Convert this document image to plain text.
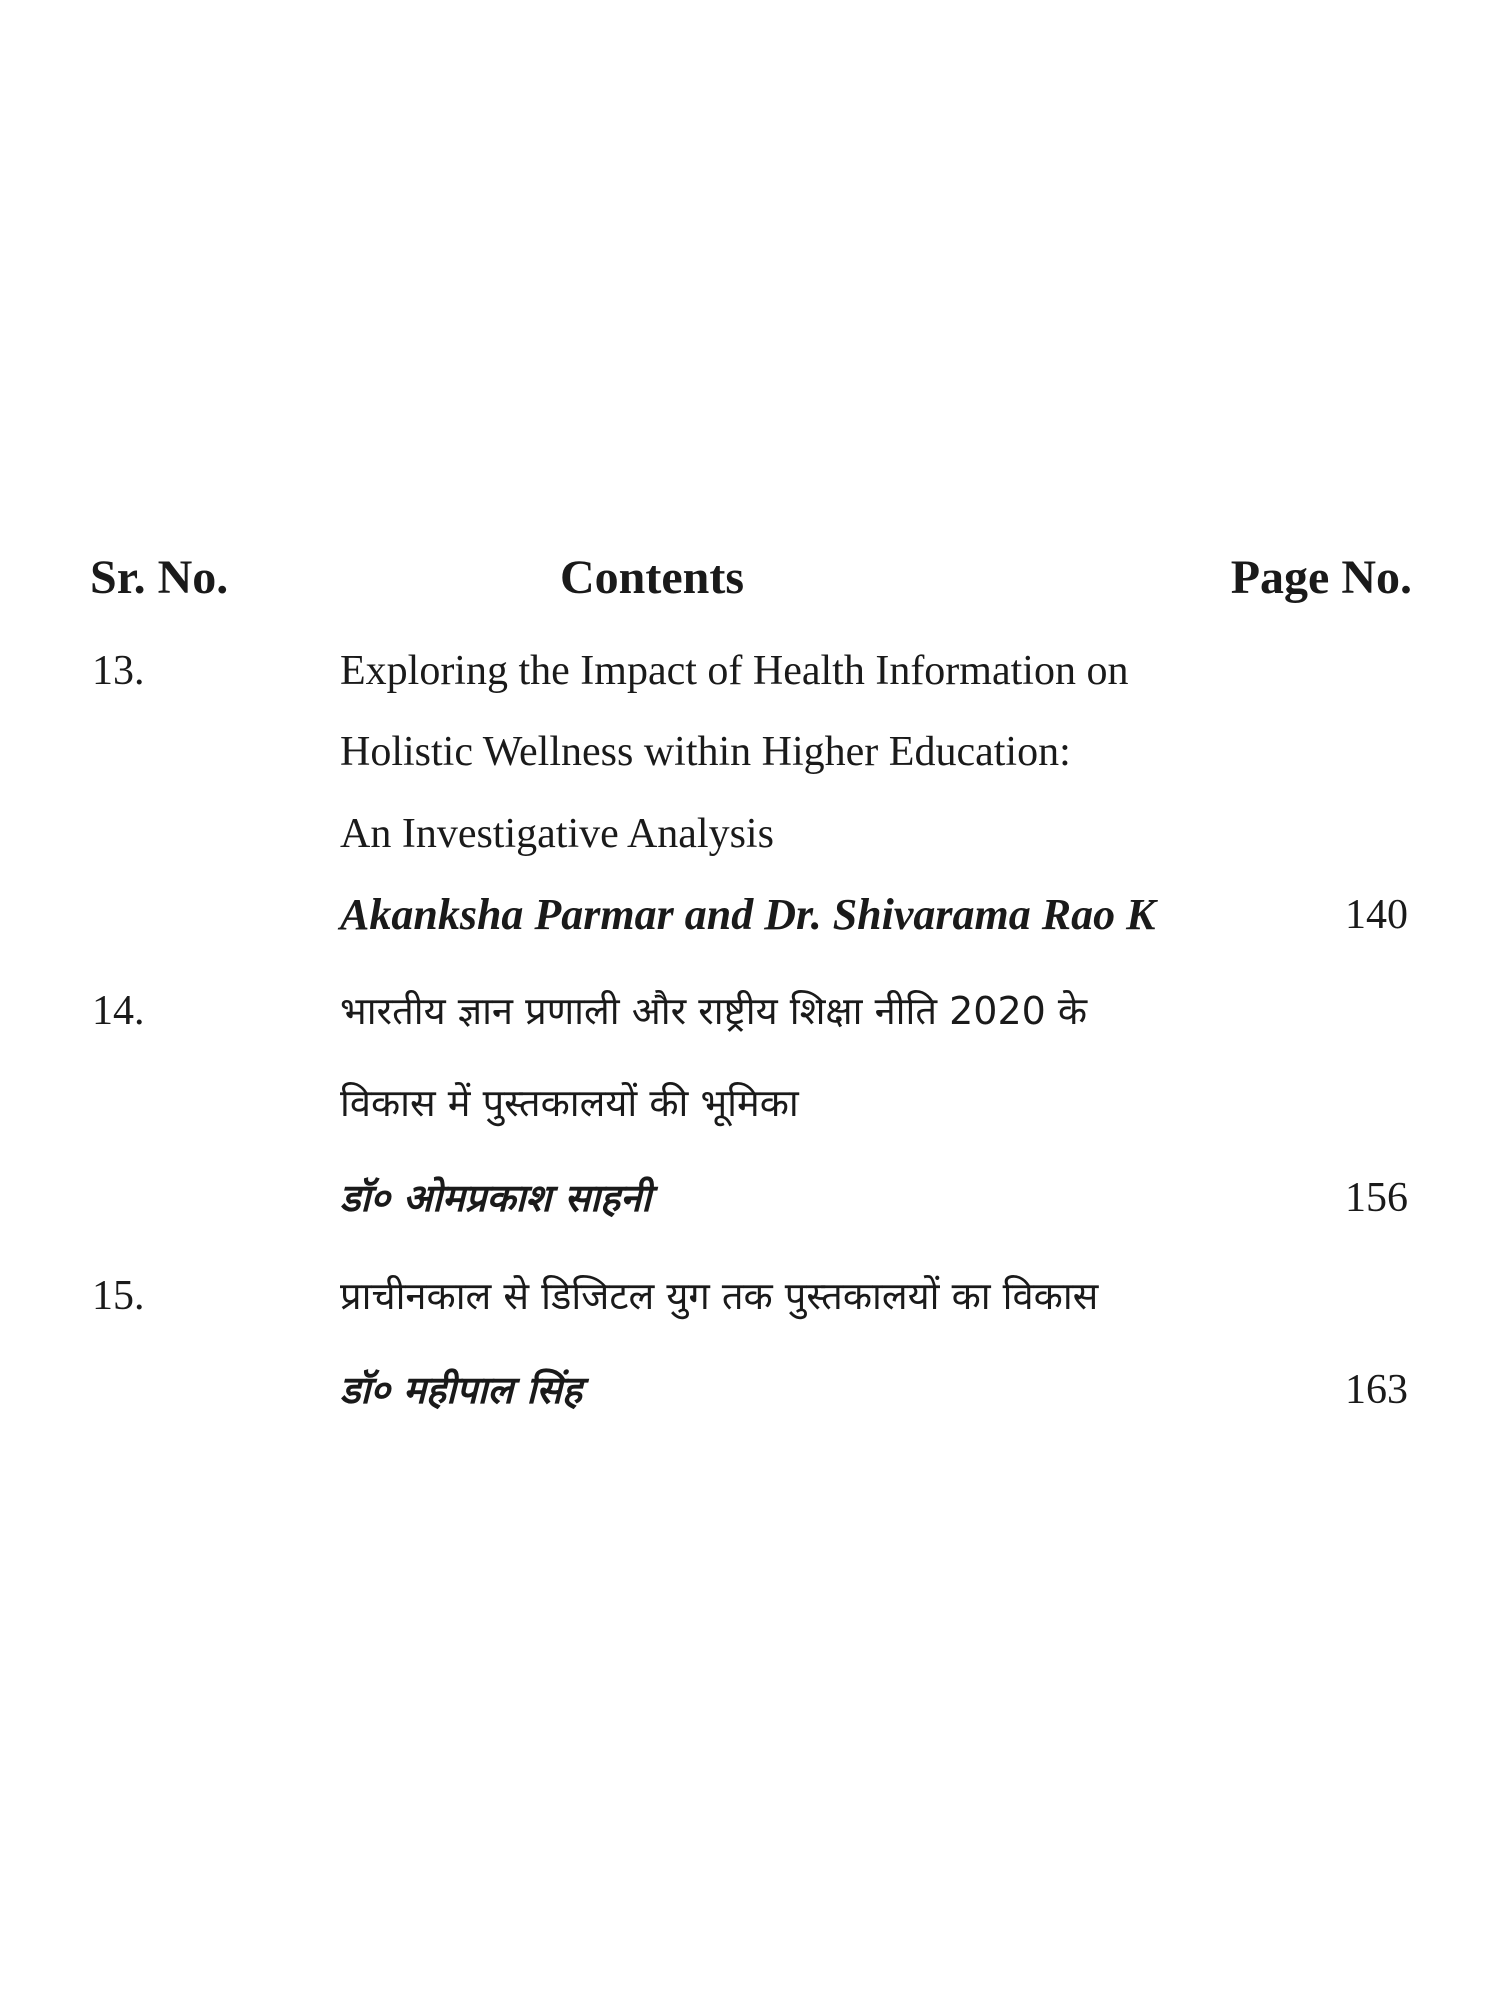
Sr. No.	Contents	Page No.
13.	Exploring the Impact of Health Information on
Holistic Wellness within Higher Education:
An Investigative Analysis
Akanksha Parmar and Dr. Shivarama Rao K	140
14.	भारतीय ज्ञान प्रणाली और राष्ट्रीय शिक्षा नीति 2020 के
विकास में पुस्तकालयों की भूमिका
डॉ० ओमप्रकाश साहनी	156
15.	प्राचीनकाल से डिजिटल युग तक पुस्तकालयों का विकास
डॉ० महीपाल सिंह	163
